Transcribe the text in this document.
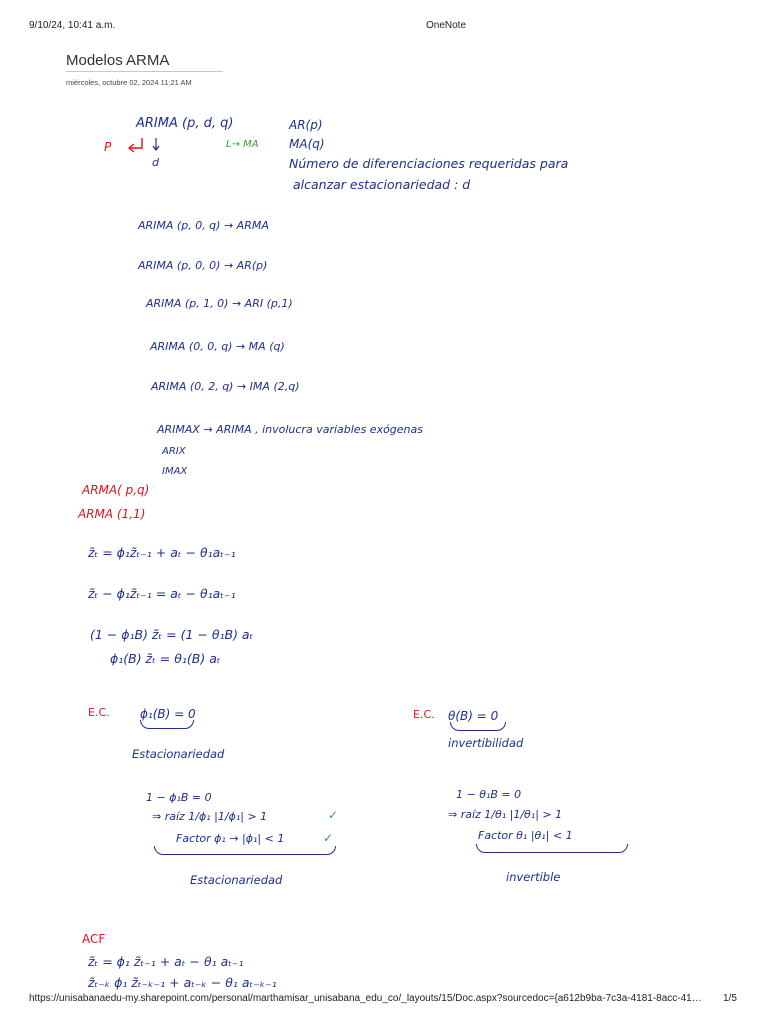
9/10/24, 10:41 a.m.	OneNote
Modelos ARMA
miércoles, octubre 02, 2024 11:21 AM
ARIMA (p, d, q)
P
d
L→ MA
AR(p)
MA(q)
Número de diferenciaciones requeridas para
alcanzar estacionariedad : d
ARIMA (p, 0, q) → ARMA
ARIMA (p, 0, 0) → AR(p)
ARIMA (p, 1, 0) → ARI (p,1)
ARIMA (0, 0, q) → MA (q)
ARIMA (0, 2, q) → IMA (2,q)
ARIMAX → ARIMA , involucra variables exógenas
ARIX
IMAX
ARMA( p,q)
ARMA (1,1)
z̃ₜ = ϕ₁z̃ₜ₋₁ + aₜ − θ₁aₜ₋₁
z̃ₜ − ϕ₁z̃ₜ₋₁ = aₜ − θ₁aₜ₋₁
(1 − ϕ₁B) z̃ₜ = (1 − θ₁B) aₜ
ϕ₁(B) z̃ₜ = θ₁(B) aₜ
E.C.	ϕ₁(B) = 0
Estacionariedad
E.C. θ(B) = 0
invertibilidad
1 − ϕ₁B = 0
⇒ raíz 1/ϕ₁ |1/ϕ₁| > 1	✓
Factor ϕ₁ → |ϕ₁| < 1	✓
Estacionariedad
1 − θ₁B = 0
⇒ raíz 1/θ₁ |1/θ₁| > 1
Factor θ₁ |θ₁| < 1
invertible
ACF
z̃ₜ = ϕ₁ z̃ₜ₋₁ + aₜ − θ₁ aₜ₋₁
z̃ₜ₋ₖ ϕ₁ z̃ₜ₋ₖ₋₁ + aₜ₋ₖ − θ₁ aₜ₋ₖ₋₁
https://unisabanaedu-my.sharepoint.com/personal/marthamisar_unisabana_edu_co/_layouts/15/Doc.aspx?sourcedoc={a612b9ba-7c3a-4181-8acc-41…	1/5
